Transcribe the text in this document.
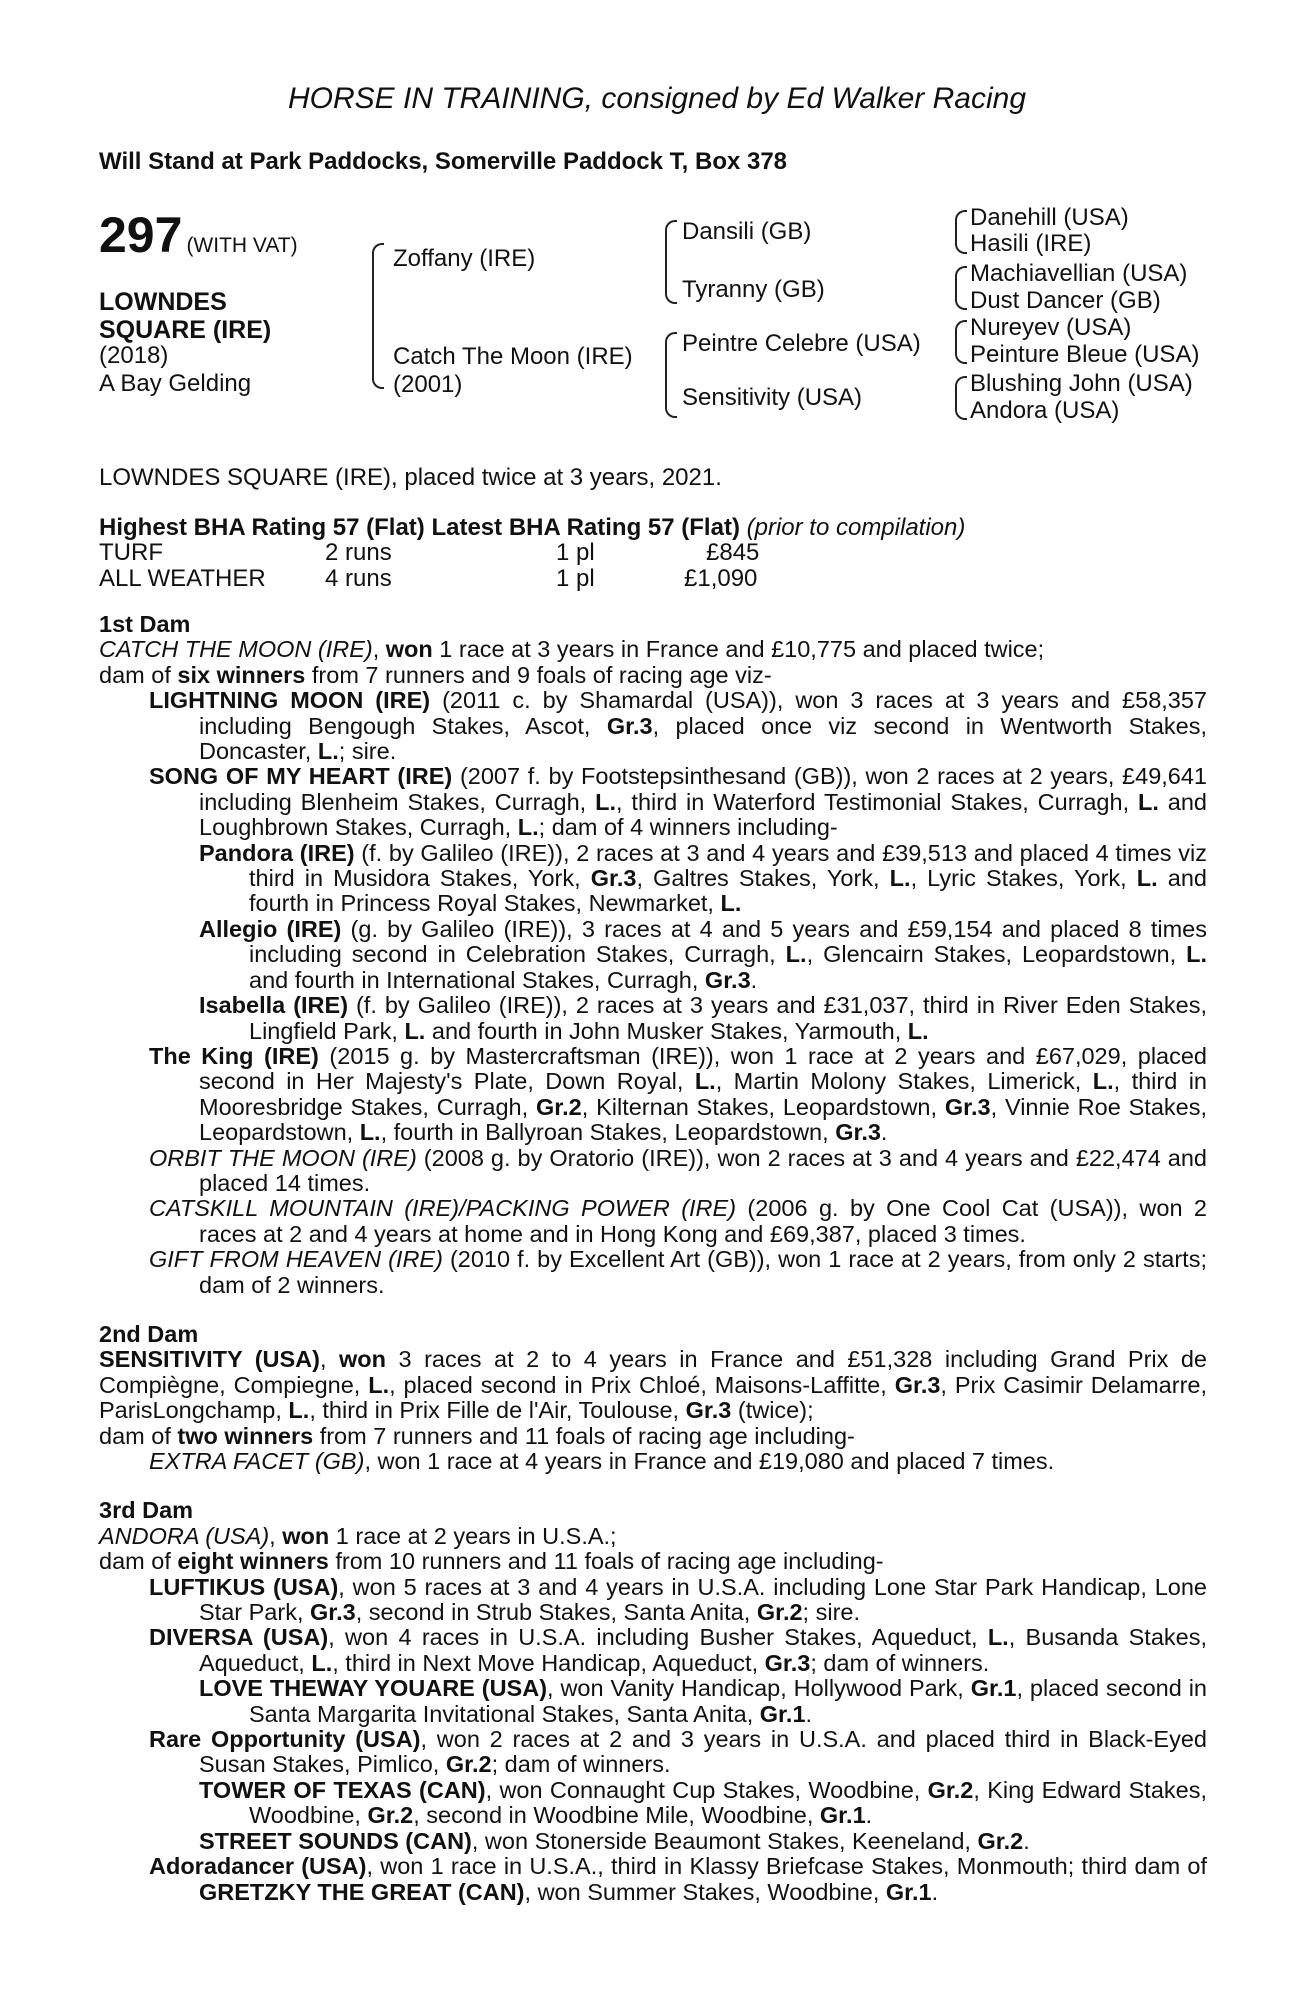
HORSE IN TRAINING, consigned by Ed Walker Racing
Will Stand at Park Paddocks, Somerville Paddock T, Box 378
297 (WITH VAT)
LOWNDES
SQUARE (IRE)
(2018)
A Bay Gelding
Zoffany (IRE)
Catch The Moon (IRE)
(2001)
Dansili (GB)
Tyranny (GB)
Peintre Celebre (USA)
Sensitivity (USA)
Danehill (USA)
Hasili (IRE)
Machiavellian (USA)
Dust Dancer (GB)
Nureyev (USA)
Peinture Bleue (USA)
Blushing John (USA)
Andora (USA)
LOWNDES SQUARE (IRE), placed twice at 3 years, 2021.
Highest BHA Rating 57 (Flat) Latest BHA Rating 57 (Flat) (prior to compilation)
TURF	2 runs	1 pl	£845
ALL WEATHER 4 runs	1 pl	£1,090

1st Dam

CATCH THE MOON (IRE), won 1 race at 3 years in France and £10,775 and placed twice;

dam of six winners from 7 runners and 9 foals of racing age viz-

LIGHTNING MOON (IRE) (2011 c. by Shamardal (USA)), won 3 races at 3 years and £58,357 including Bengough Stakes, Ascot, Gr.3, placed once viz second in Wentworth Stakes, Doncaster, L.; sire.

SONG OF MY HEART (IRE) (2007 f. by Footstepsinthesand (GB)), won 2 races at 2 years, £49,641 including Blenheim Stakes, Curragh, L., third in Waterford Testimonial Stakes, Curragh, L. and Loughbrown Stakes, Curragh, L.; dam of 4 winners including-

Pandora (IRE) (f. by Galileo (IRE)), 2 races at 3 and 4 years and £39,513 and placed 4 times viz third in Musidora Stakes, York, Gr.3, Galtres Stakes, York, L., Lyric Stakes, York, L. and fourth in Princess Royal Stakes, Newmarket, L.

Allegio (IRE) (g. by Galileo (IRE)), 3 races at 4 and 5 years and £59,154 and placed 8 times including second in Celebration Stakes, Curragh, L., Glencairn Stakes, Leopardstown, L. and fourth in International Stakes, Curragh, Gr.3.

Isabella (IRE) (f. by Galileo (IRE)), 2 races at 3 years and £31,037, third in River Eden Stakes, Lingfield Park, L. and fourth in John Musker Stakes, Yarmouth, L.

The King (IRE) (2015 g. by Mastercraftsman (IRE)), won 1 race at 2 years and £67,029, placed second in Her Majesty's Plate, Down Royal, L., Martin Molony Stakes, Limerick, L., third in Mooresbridge Stakes, Curragh, Gr.2, Kilternan Stakes, Leopardstown, Gr.3, Vinnie Roe Stakes, Leopardstown, L., fourth in Ballyroan Stakes, Leopardstown, Gr.3.

ORBIT THE MOON (IRE) (2008 g. by Oratorio (IRE)), won 2 races at 3 and 4 years and £22,474 and placed 14 times.

CATSKILL MOUNTAIN (IRE)/PACKING POWER (IRE) (2006 g. by One Cool Cat (USA)), won 2 races at 2 and 4 years at home and in Hong Kong and £69,387, placed 3 times.

GIFT FROM HEAVEN (IRE) (2010 f. by Excellent Art (GB)), won 1 race at 2 years, from only 2 starts; dam of 2 winners.

2nd Dam

SENSITIVITY (USA), won 3 races at 2 to 4 years in France and £51,328 including Grand Prix de Compiègne, Compiegne, L., placed second in Prix Chloé, Maisons-Laffitte, Gr.3, Prix Casimir Delamarre, ParisLongchamp, L., third in Prix Fille de l'Air, Toulouse, Gr.3 (twice);

dam of two winners from 7 runners and 11 foals of racing age including-

EXTRA FACET (GB), won 1 race at 4 years in France and £19,080 and placed 7 times.

3rd Dam

ANDORA (USA), won 1 race at 2 years in U.S.A.;

dam of eight winners from 10 runners and 11 foals of racing age including-

LUFTIKUS (USA), won 5 races at 3 and 4 years in U.S.A. including Lone Star Park Handicap, Lone Star Park, Gr.3, second in Strub Stakes, Santa Anita, Gr.2; sire.

DIVERSA (USA), won 4 races in U.S.A. including Busher Stakes, Aqueduct, L., Busanda Stakes, Aqueduct, L., third in Next Move Handicap, Aqueduct, Gr.3; dam of winners.

LOVE THEWAY YOUARE (USA), won Vanity Handicap, Hollywood Park, Gr.1, placed second in Santa Margarita Invitational Stakes, Santa Anita, Gr.1.

Rare Opportunity (USA), won 2 races at 2 and 3 years in U.S.A. and placed third in Black-Eyed Susan Stakes, Pimlico, Gr.2; dam of winners.

TOWER OF TEXAS (CAN), won Connaught Cup Stakes, Woodbine, Gr.2, King Edward Stakes, Woodbine, Gr.2, second in Woodbine Mile, Woodbine, Gr.1.

STREET SOUNDS (CAN), won Stonerside Beaumont Stakes, Keeneland, Gr.2.

Adoradancer (USA), won 1 race in U.S.A., third in Klassy Briefcase Stakes, Monmouth; third dam of GRETZKY THE GREAT (CAN), won Summer Stakes, Woodbine, Gr.1.
